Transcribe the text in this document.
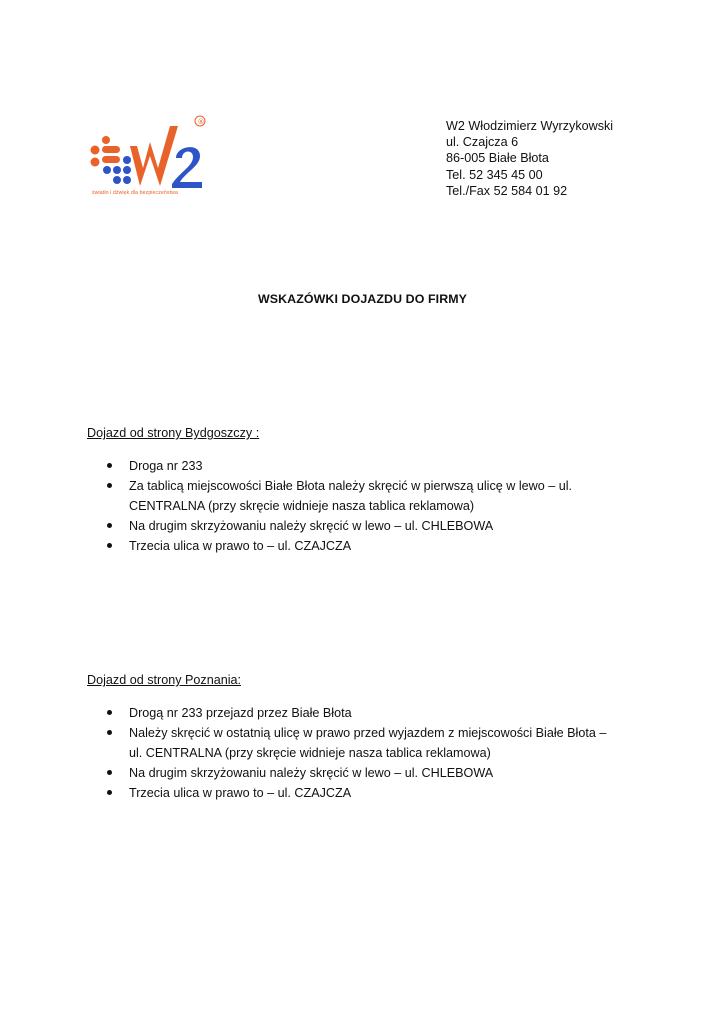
®
światło i dźwięk dla bezpieczeństwa
W2 Włodzimierz Wyrzykowski
ul. Czajcza 6
86-005 Białe Błota
Tel. 52 345 45 00
Tel./Fax 52 584 01 92
WSKAZÓWKI DOJAZDU DO FIRMY
Dojazd od strony Bydgoszczy :
Droga nr 233
Za tablicą miejscowości Białe Błota należy skręcić w pierwszą ulicę w lewo – ul.
CENTRALNA (przy skręcie widnieje nasza tablica reklamowa)
Na drugim skrzyżowaniu należy skręcić w lewo – ul. CHLEBOWA
Trzecia ulica w prawo to – ul. CZAJCZA
Dojazd od strony Poznania:
Drogą nr 233 przejazd przez Białe Błota
Należy skręcić w ostatnią ulicę w prawo przed wyjazdem z miejscowości Białe Błota –
ul. CENTRALNA (przy skręcie widnieje nasza tablica reklamowa)
Na drugim skrzyżowaniu należy skręcić w lewo – ul. CHLEBOWA
Trzecia ulica w prawo to – ul. CZAJCZA
